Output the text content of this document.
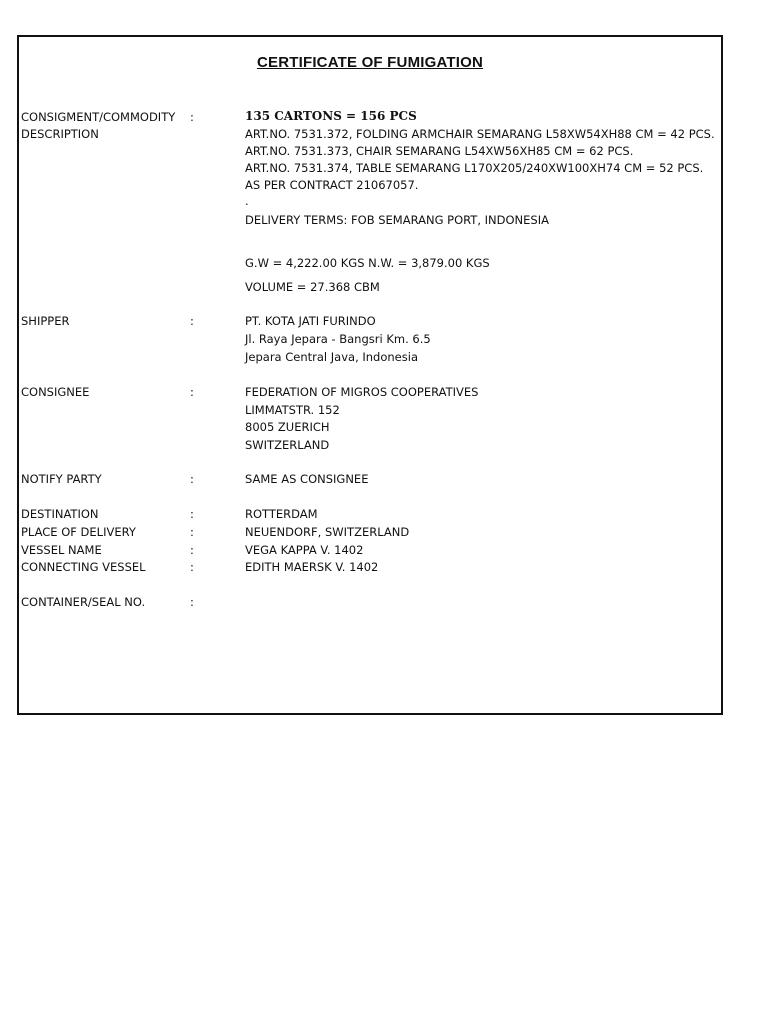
CERTIFICATE OF FUMIGATION
CONSIGMENT/COMMODITY
DESCRIPTION
:	135 CARTONS = 156 PCS
ART.NO. 7531.372, FOLDING ARMCHAIR SEMARANG L58XW54XH88 CM = 42 PCS.
ART.NO. 7531.373, CHAIR SEMARANG L54XW56XH85 CM = 62 PCS.
ART.NO. 7531.374, TABLE SEMARANG L170X205/240XW100XH74 CM = 52 PCS.
AS PER CONTRACT 21067057.
.
DELIVERY TERMS: FOB SEMARANG PORT, INDONESIA
G.W = 4,222.00 KGS N.W. = 3,879.00 KGS
VOLUME = 27.368 CBM
SHIPPER	:	PT. KOTA JATI FURINDO
Jl. Raya Jepara - Bangsri Km. 6.5
Jepara Central Java, Indonesia
CONSIGNEE	:	FEDERATION OF MIGROS COOPERATIVES
LIMMATSTR. 152
8005 ZUERICH
SWITZERLAND
NOTIFY PARTY	:	SAME AS CONSIGNEE
DESTINATION	:	ROTTERDAM
PLACE OF DELIVERY	:	NEUENDORF, SWITZERLAND
VESSEL NAME	:	VEGA KAPPA V. 1402
CONNECTING VESSEL	:	EDITH MAERSK V. 1402
CONTAINER/SEAL NO.	:
